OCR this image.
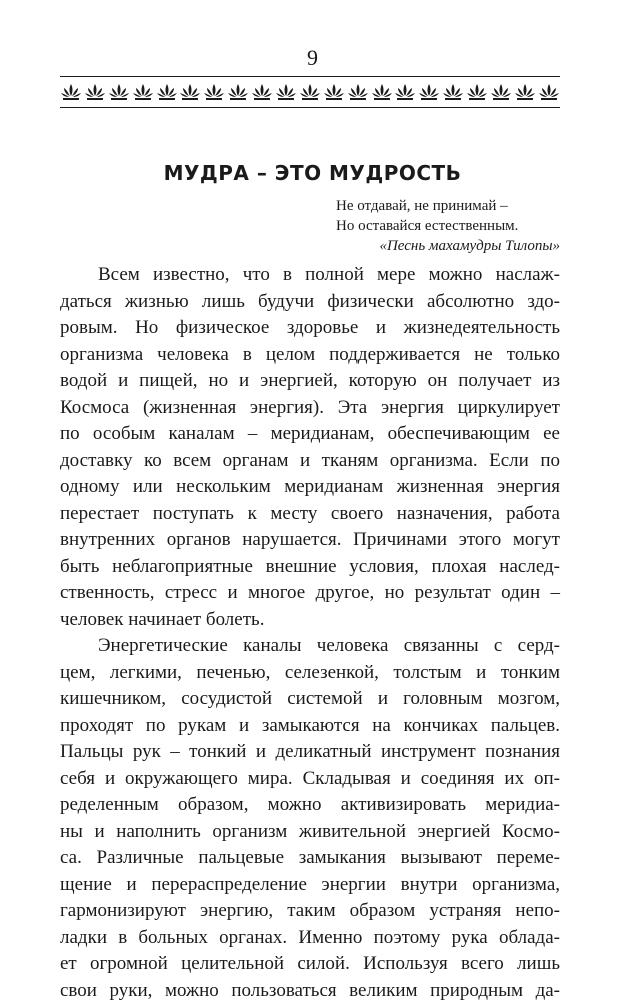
9
МУДРА – ЭТО МУДРОСТЬ
Не отдавай, не принимай –
Но оставайся естественным.
«Песнь махамудры Тилопы»
Всем известно, что в полной мере можно наслаж-
даться жизнью лишь будучи физически абсолютно здо-
ровым. Но физическое здоровье и жизнедеятельность
организма человека в целом поддерживается не только
водой и пищей, но и энергией, которую он получает из
Космоса (жизненная энергия). Эта энергия циркулирует
по особым каналам – меридианам, обеспечивающим ее
доставку ко всем органам и тканям организма. Если по
одному или нескольким меридианам жизненная энергия
перестает поступать к месту своего назначения, работа
внутренних органов нарушается. Причинами этого могут
быть неблагоприятные внешние условия, плохая наслед-
ственность, стресс и многое другое, но результат один –
человек начинает болеть.
Энергетические каналы человека связанны с серд-
цем, легкими, печенью, селезенкой, толстым и тонким
кишечником, сосудистой системой и головным мозгом,
проходят по рукам и замыкаются на кончиках пальцев.
Пальцы рук – тонкий и деликатный инструмент познания
себя и окружающего мира. Складывая и соединяя их оп-
ределенным образом, можно активизировать меридиа-
ны и наполнить организм живительной энергией Космо-
са. Различные пальцевые замыкания вызывают переме-
щение и перераспределение энергии внутри организма,
гармонизируют энергию, таким образом устраняя непо-
ладки в больных органах. Именно поэтому рука облада-
ет огромной целительной силой. Используя всего лишь
свои руки, можно пользоваться великим природным да-
